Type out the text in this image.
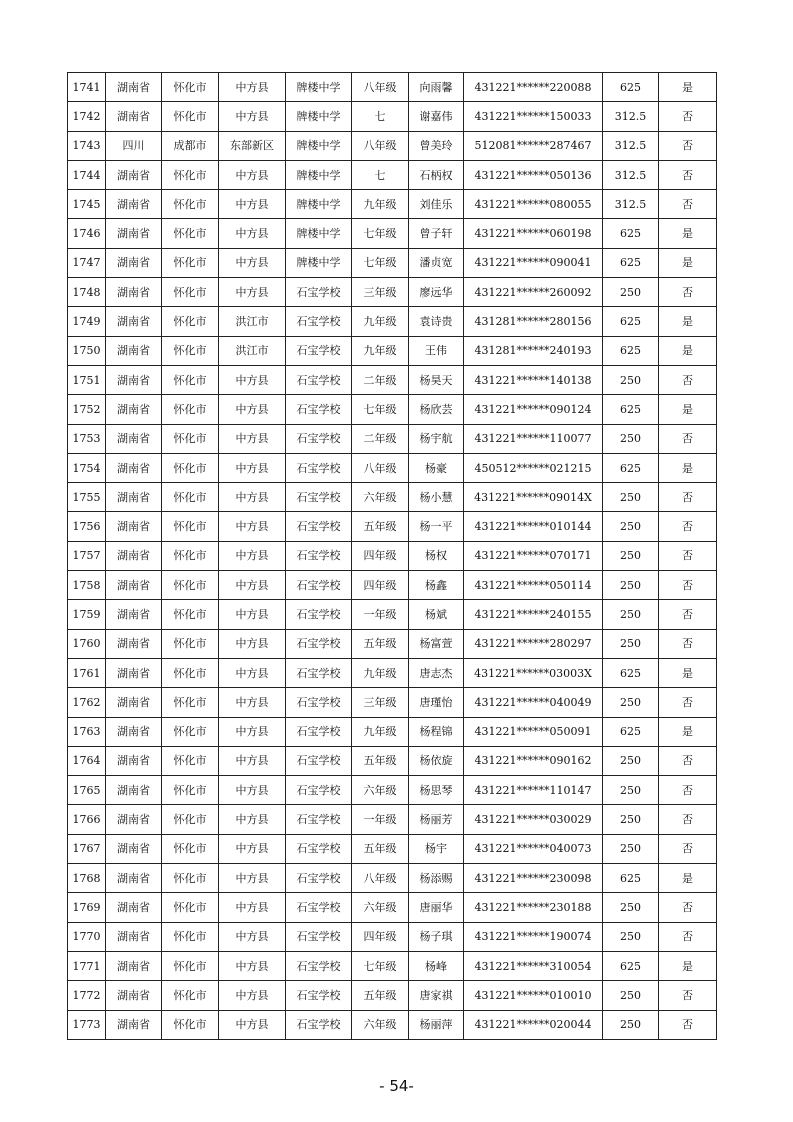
1741	湖南省	怀化市	中方县	牌楼中学	八年级	向雨馨	431221******220088	625	是
1742	湖南省	怀化市	中方县	牌楼中学	七	谢嘉伟	431221******150033	312.5	否
1743	四川	成都市	东部新区	牌楼中学	八年级	曾美玲	512081******287467	312.5	否
1744	湖南省	怀化市	中方县	牌楼中学	七	石柄权	431221******050136	312.5	否
1745	湖南省	怀化市	中方县	牌楼中学	九年级	刘佳乐	431221******080055	312.5	否
1746	湖南省	怀化市	中方县	牌楼中学	七年级	曾子轩	431221******060198	625	是
1747	湖南省	怀化市	中方县	牌楼中学	七年级	潘贞宽	431221******090041	625	是
1748	湖南省	怀化市	中方县	石宝学校	三年级	廖远华	431221******260092	250	否
1749	湖南省	怀化市	洪江市	石宝学校	九年级	袁诗贵	431281******280156	625	是
1750	湖南省	怀化市	洪江市	石宝学校	九年级	王伟	431281******240193	625	是
1751	湖南省	怀化市	中方县	石宝学校	二年级	杨昊天	431221******140138	250	否
1752	湖南省	怀化市	中方县	石宝学校	七年级	杨欣芸	431221******090124	625	是
1753	湖南省	怀化市	中方县	石宝学校	二年级	杨宇航	431221******110077	250	否
1754	湖南省	怀化市	中方县	石宝学校	八年级	杨豪	450512******021215	625	是
1755	湖南省	怀化市	中方县	石宝学校	六年级	杨小慧	431221******09014X	250	否
1756	湖南省	怀化市	中方县	石宝学校	五年级	杨一平	431221******010144	250	否
1757	湖南省	怀化市	中方县	石宝学校	四年级	杨权	431221******070171	250	否
1758	湖南省	怀化市	中方县	石宝学校	四年级	杨鑫	431221******050114	250	否
1759	湖南省	怀化市	中方县	石宝学校	一年级	杨斌	431221******240155	250	否
1760	湖南省	怀化市	中方县	石宝学校	五年级	杨富萱	431221******280297	250	否
1761	湖南省	怀化市	中方县	石宝学校	九年级	唐志杰	431221******03003X	625	是
1762	湖南省	怀化市	中方县	石宝学校	三年级	唐瑾怡	431221******040049	250	否
1763	湖南省	怀化市	中方县	石宝学校	九年级	杨程锦	431221******050091	625	是
1764	湖南省	怀化市	中方县	石宝学校	五年级	杨依旋	431221******090162	250	否
1765	湖南省	怀化市	中方县	石宝学校	六年级	杨思琴	431221******110147	250	否
1766	湖南省	怀化市	中方县	石宝学校	一年级	杨丽芳	431221******030029	250	否
1767	湖南省	怀化市	中方县	石宝学校	五年级	杨宇	431221******040073	250	否
1768	湖南省	怀化市	中方县	石宝学校	八年级	杨添赐	431221******230098	625	是
1769	湖南省	怀化市	中方县	石宝学校	六年级	唐丽华	431221******230188	250	否
1770	湖南省	怀化市	中方县	石宝学校	四年级	杨子琪	431221******190074	250	否
1771	湖南省	怀化市	中方县	石宝学校	七年级	杨峰	431221******310054	625	是
1772	湖南省	怀化市	中方县	石宝学校	五年级	唐家祺	431221******010010	250	否
1773	湖南省	怀化市	中方县	石宝学校	六年级	杨丽萍	431221******020044	250	否
- 54-
